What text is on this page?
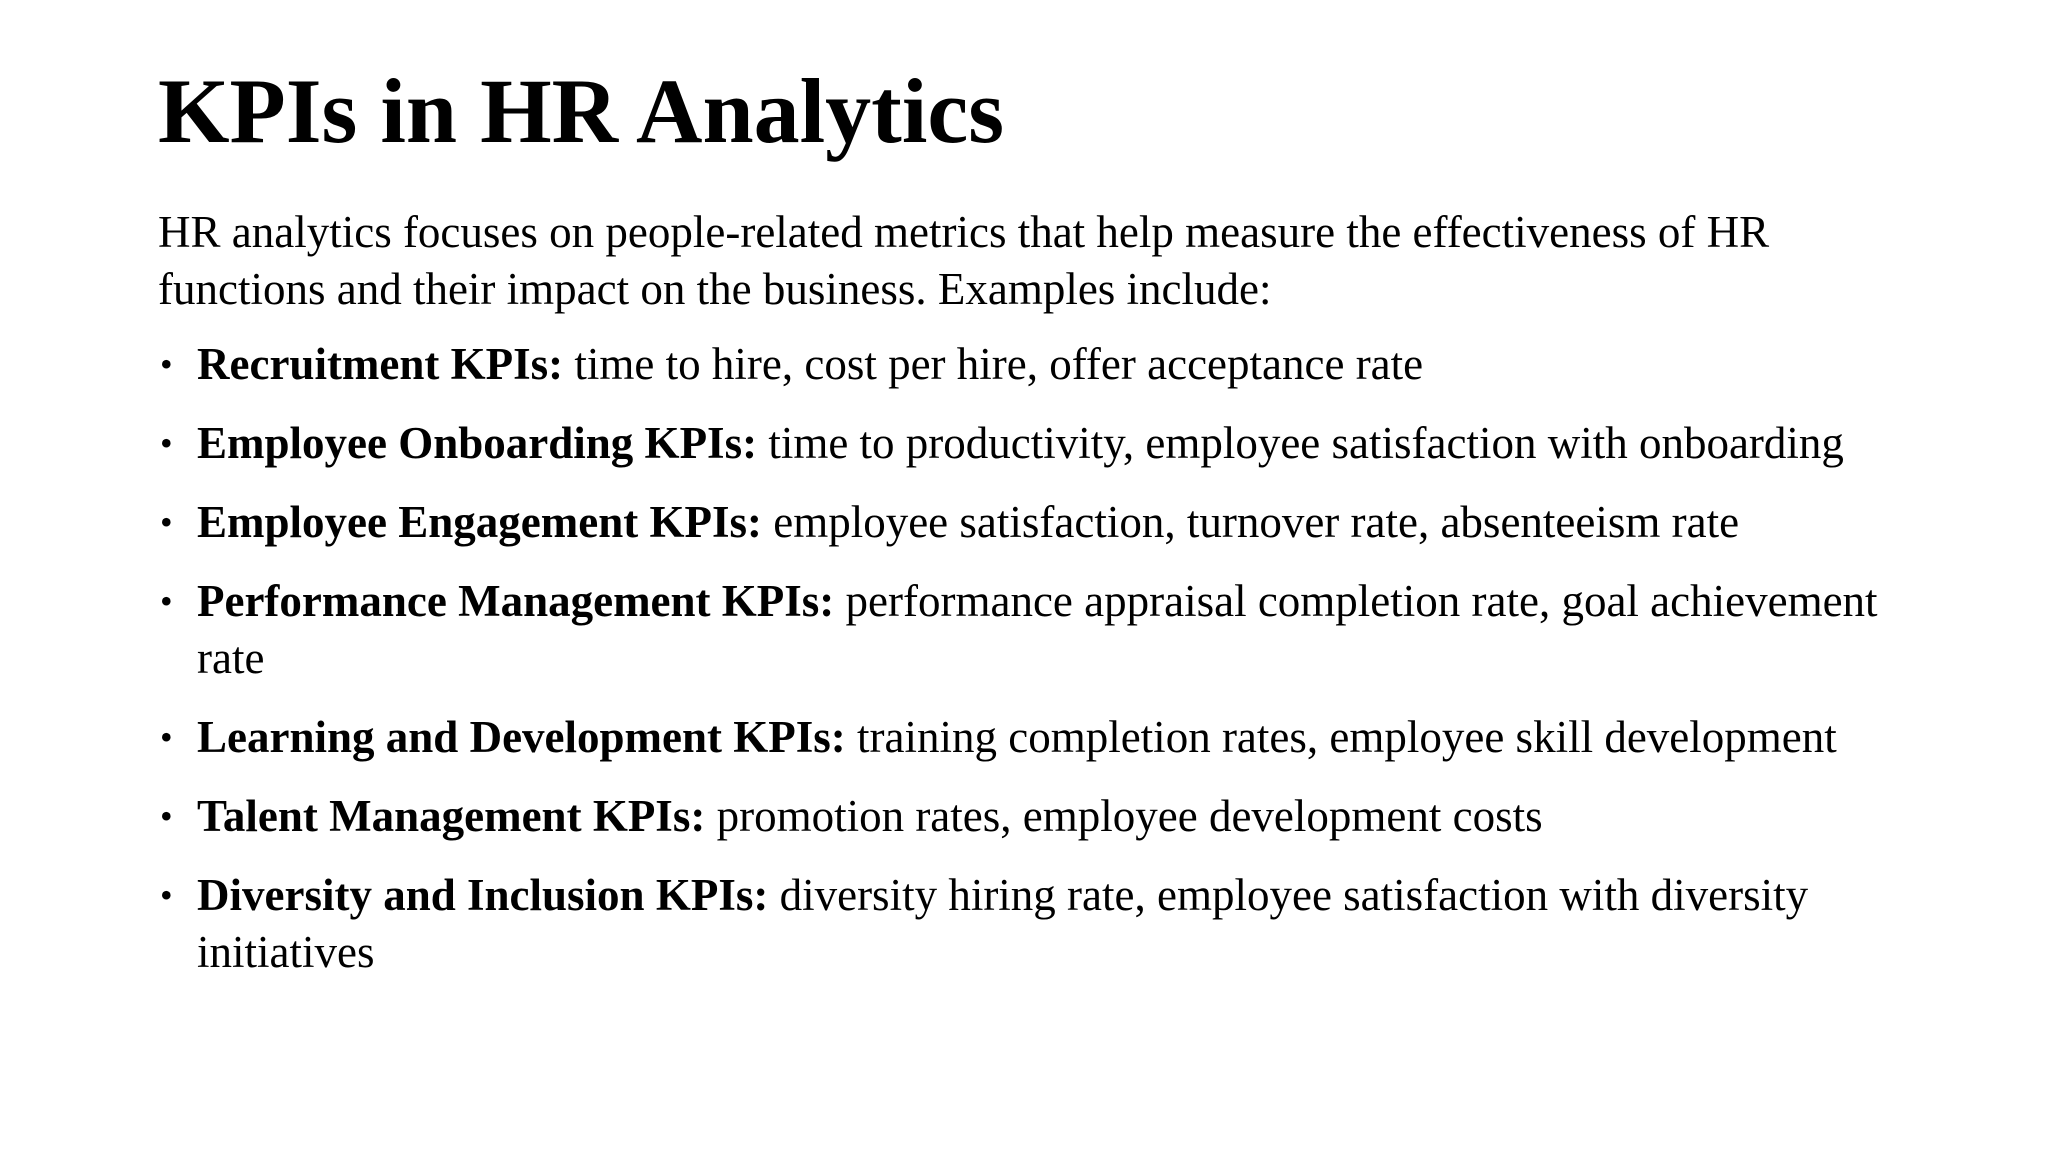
KPIs in HR Analytics

HR analytics focuses on people-related metrics that help measure the effectiveness of HR functions and their impact on the business. Examples include:

• Recruitment KPIs: time to hire, cost per hire, offer acceptance rate
• Employee Onboarding KPIs: time to productivity, employee satisfaction with onboarding
• Employee Engagement KPIs: employee satisfaction, turnover rate, absenteeism rate
• Performance Management KPIs: performance appraisal completion rate, goal achievement rate
• Learning and Development KPIs: training completion rates, employee skill development
• Talent Management KPIs: promotion rates, employee development costs
• Diversity and Inclusion KPIs: diversity hiring rate, employee satisfaction with diversity initiatives
